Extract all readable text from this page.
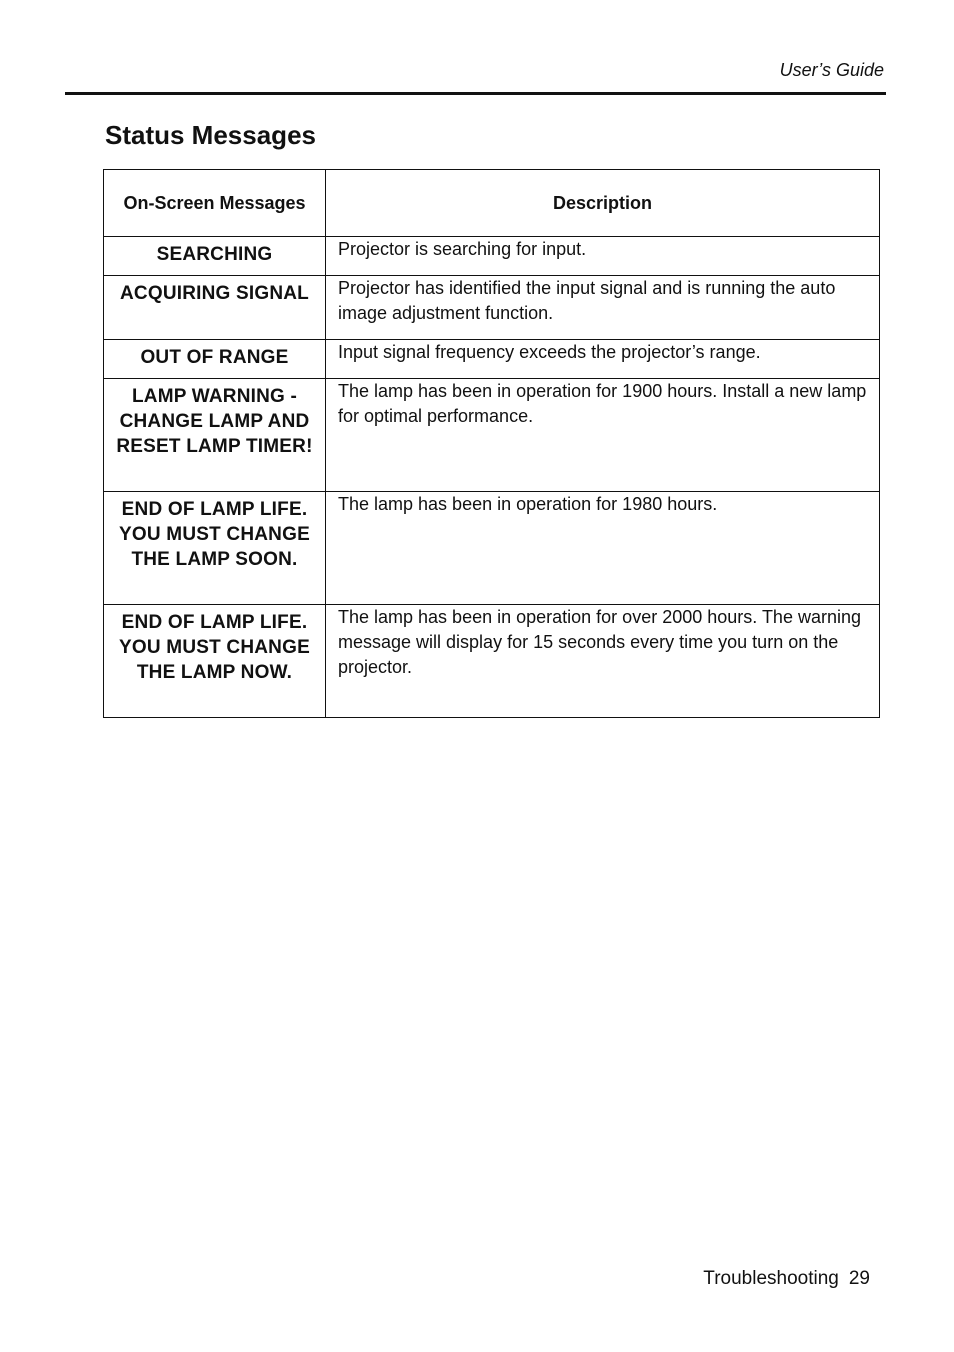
User’s Guide
Status Messages
On-Screen Messages	Description
SEARCHING	Projector is searching for input.
ACQUIRING SIGNAL	Projector has identified the input signal and is running the auto image adjustment function.
OUT OF RANGE	Input signal frequency exceeds the projector’s range.
LAMP WARNING - CHANGE LAMP AND RESET LAMP TIMER!	The lamp has been in operation for 1900 hours. Install a new lamp for optimal performance.
END OF LAMP LIFE. YOU MUST CHANGE THE LAMP SOON.	The lamp has been in operation for 1980 hours.
END OF LAMP LIFE. YOU MUST CHANGE THE LAMP NOW.	The lamp has been in operation for over 2000 hours. The warning message will display for 15 seconds every time you turn on the projector.
Troubleshooting 29
